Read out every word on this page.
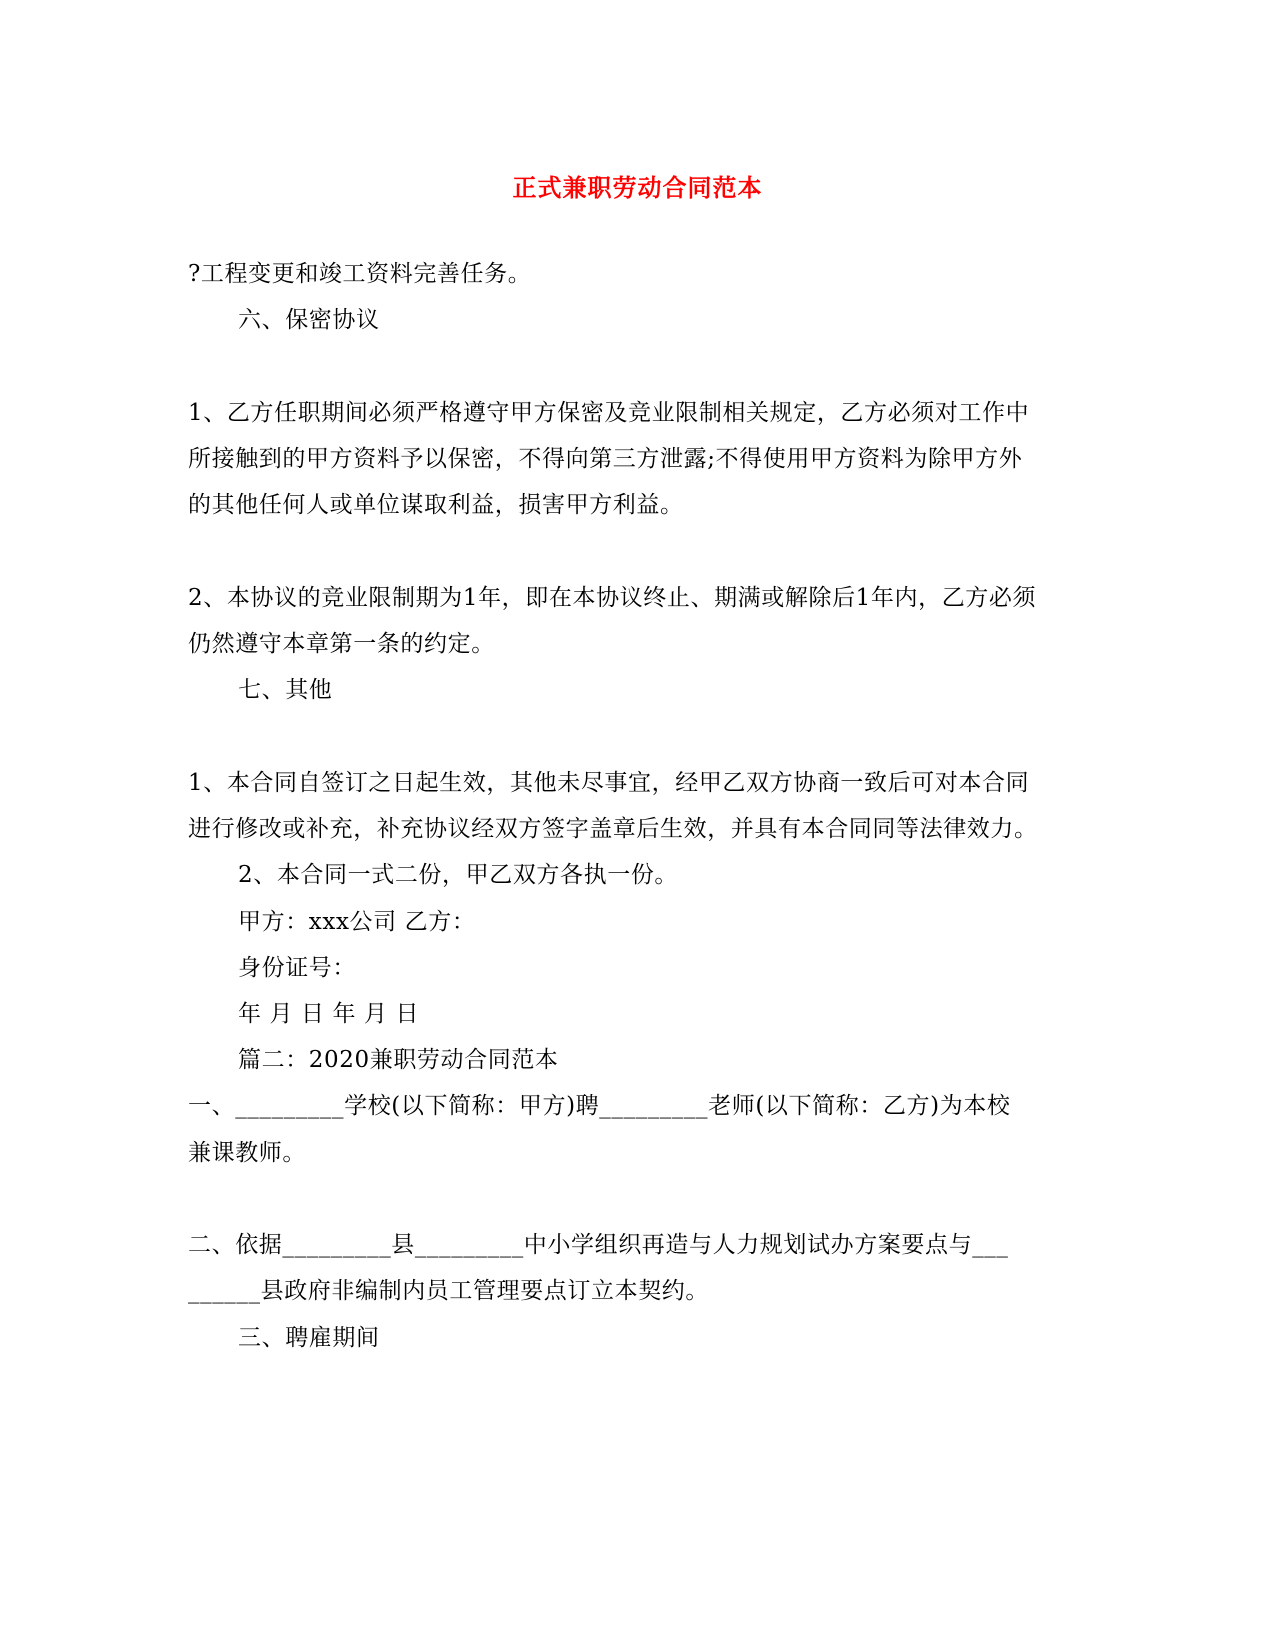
正式兼职劳动合同范本
?工程变更和竣工资料完善任务。
六、保密协议
1、乙方任职期间必须严格遵守甲方保密及竞业限制相关规定，乙方必须对工作中
所接触到的甲方资料予以保密，不得向第三方泄露;不得使用甲方资料为除甲方外
的其他任何人或单位谋取利益，损害甲方利益。
2、本协议的竞业限制期为1年，即在本协议终止、期满或解除后1年内，乙方必须
仍然遵守本章第一条的约定。
七、其他
1、本合同自签订之日起生效，其他未尽事宜，经甲乙双方协商一致后可对本合同
进行修改或补充，补充协议经双方签字盖章后生效，并具有本合同同等法律效力。
2、本合同一式二份，甲乙双方各执一份。
甲方：xxx公司 乙方：
身份证号：
年 月 日 年 月 日
篇二：2020兼职劳动合同范本
一、_________学校(以下简称：甲方)聘_________老师(以下简称：乙方)为本校
兼课教师。
二、依据_________县_________中小学组织再造与人力规划试办方案要点与___
______县政府非编制内员工管理要点订立本契约。
三、聘雇期间
